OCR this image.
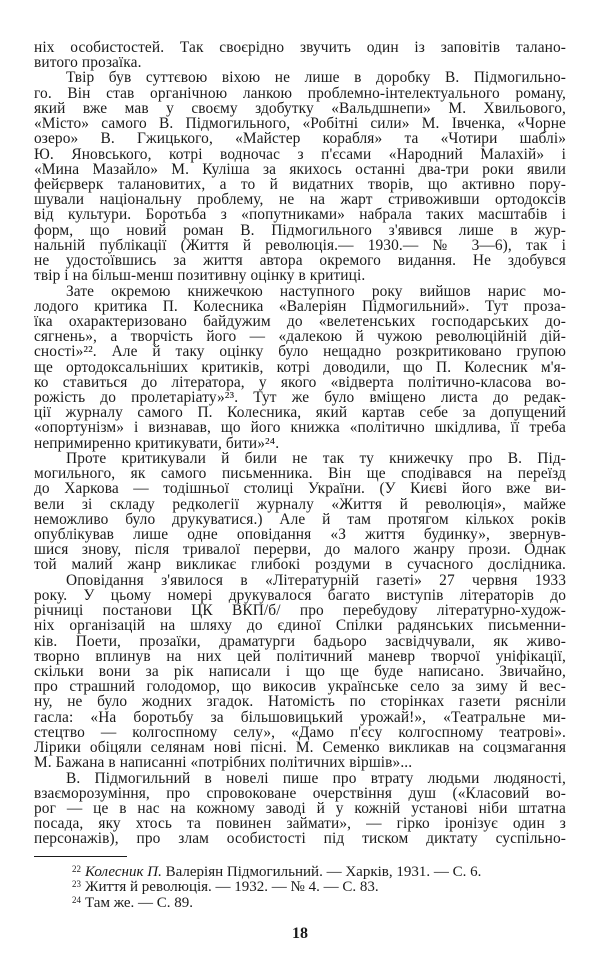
ніх особистостей. Так своєрідно звучить один із заповітів талано-
витого прозаїка.
Твір був суттєвою віхою не лише в доробку В. Підмогильно-
го. Він став органічною ланкою проблемно-інтелектуального роману,
який вже мав у своєму здобутку «Вальдшнепи» М. Хвильового,
«Місто» самого В. Підмогильного, «Робітні сили» М. Івченка, «Чорне
озеро» В. Гжицького, «Майстер корабля» та «Чотири шаблі»
Ю. Яновського, котрі водночас з п'єсами «Народний Малахій» і
«Мина Мазайло» М. Куліша за якихось останні два-три роки явили
фейєрверк талановитих, а то й видатних творів, що активно пору-
шували національну проблему, не на жарт стривоживши ортодоксів
від культури. Боротьба з «попутниками» набрала таких масштабів і
форм, що новий роман В. Підмогильного з'явився лише в жур-
нальній публікації (Життя й революція.— 1930.— № 3—6), так і
не удостоївшись за життя автора окремого видання. Не здобувся
твір і на більш-менш позитивну оцінку в критиці.
Зате окремою книжечкою наступного року вийшов нарис мо-
лодого критика П. Колесника «Валеріян Підмогильний». Тут проза-
їка охарактеризовано байдужим до «велетенських господарських до-
сягнень», а творчість його — «далекою й чужою революційній дій-
сності»²². Але й таку оцінку було нещадно розкритиковано групою
ще ортодоксальніших критиків, котрі доводили, що П. Колесник м'я-
ко ставиться до літератора, у якого «відверта політично-класова во-
рожість до пролетаріату»²³. Тут же було вміщено листа до редак-
ції журналу самого П. Колесника, який картав себе за допущений
«опортунізм» і визнавав, що його книжка «політично шкідлива, її треба
непримиренно критикувати, бити»²⁴.
Проте критикували й били не так ту книжечку про В. Під-
могильного, як самого письменника. Він ще сподівався на переїзд
до Харкова — тодішньої столиці України. (У Києві його вже ви-
вели зі складу редколегії журналу «Життя й революція», майже
неможливо було друкуватися.) Але й там протягом кількох років
опублікував лише одне оповідання «З життя будинку», звернув-
шися знову, після тривалої перерви, до малого жанру прози. Однак
той малий жанр викликає глибокі роздуми в сучасного дослідника.
Оповідання з'явилося в «Літературній газеті» 27 червня 1933
року. У цьому номері друкувалося багато виступів літераторів до
річниці постанови ЦК ВКП/б/ про перебудову літературно-худож-
ніх організацій на шляху до єдиної Спілки радянських письменни-
ків. Поети, прозаїки, драматурги бадьоро засвідчували, як живо-
творно вплинув на них цей політичний маневр творчої уніфікації,
скільки вони за рік написали і що ще буде написано. Звичайно,
про страшний голодомор, що викосив українське село за зиму й вес-
ну, не було жодних згадок. Натомість по сторінках газети рясніли
гасла: «На боротьбу за більшовицький урожай!», «Театральне ми-
стецтво — колгоспному селу», «Дамо п'єсу колгоспному театрові».
Лірики обіцяли селянам нові пісні. М. Семенко викликав на соцзмагання
М. Бажана в написанні «потрібних політичних віршів»...
В. Підмогильний в новелі пише про втрату людьми людяності,
взаєморозуміння, про спровоковане очерствіння душ («Класовий во-
рог — це в нас на кожному заводі й у кожній установі ніби штатна
посада, яку хтось та повинен займати», — гірко іронізує один з
персонажів), про злам особистості під тиском диктату суспільно-
$^{22}$ Колесник П. Валеріян Підмогильний. — Харків, 1931. — С. 6.
$^{23}$ Життя й революція. — 1932. — № 4. — С. 83.
$^{24}$ Там же. — С. 89.
18
